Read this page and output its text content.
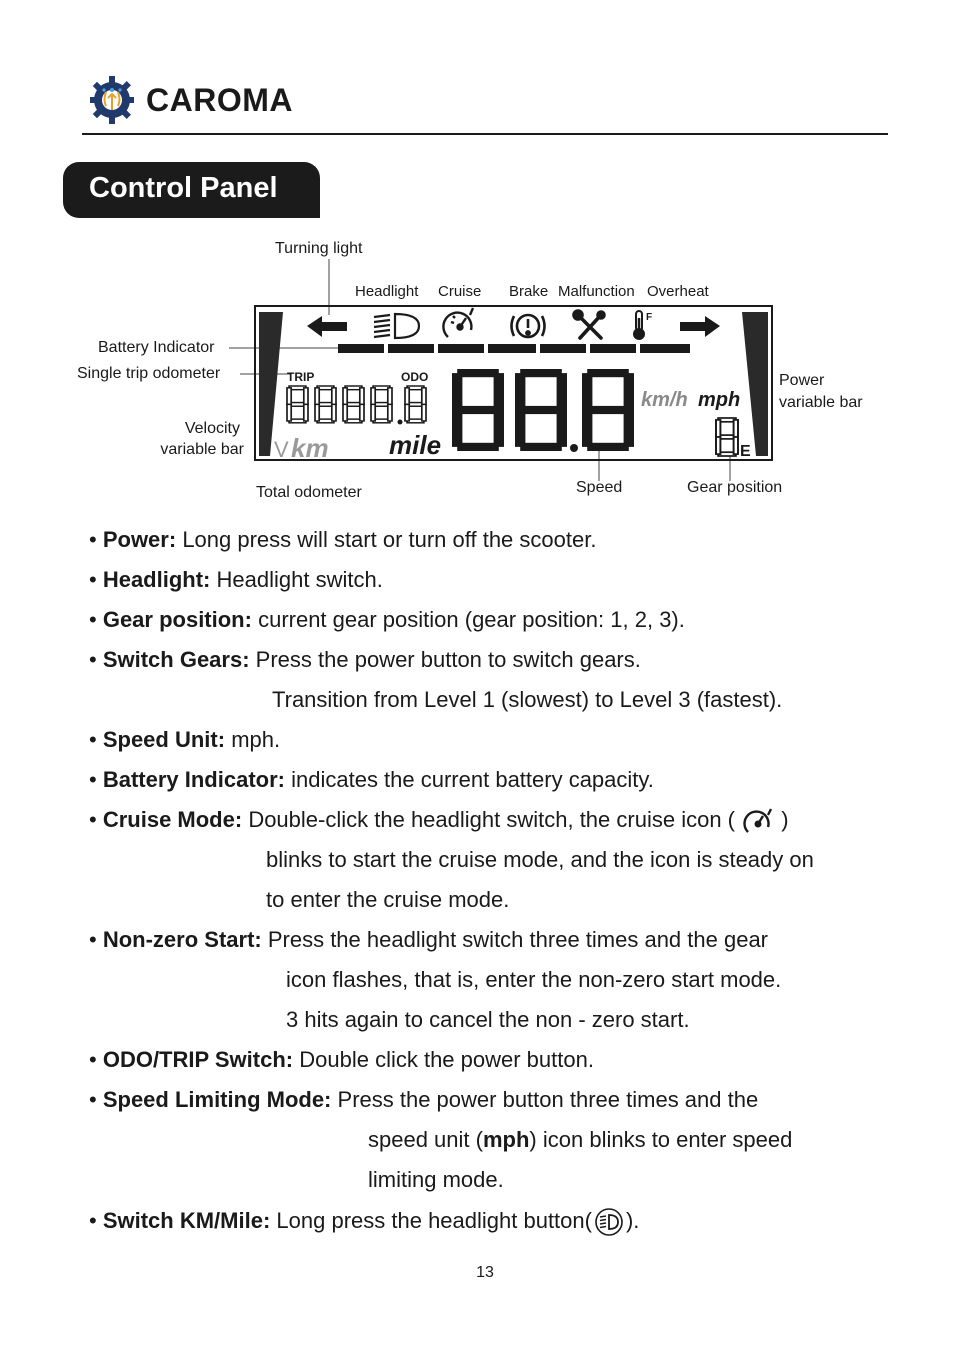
CAROMA
Control Panel
Turning light
Headlight Cruise Brake Malfunction Overheat
Battery Indicator
Single trip odometer
Velocity
variable bar
Power
variable bar
Total odometer	Speed	Gear position
F
TRIP	ODO
km/h mph
E
V km mile
• Power: Long press will start or turn off the scooter.
• Headlight: Headlight switch.
• Gear position: current gear position (gear position: 1, 2, 3).
• Switch Gears: Press the power button to switch gears.
Transition from Level 1 (slowest) to Level 3 (fastest).
• Speed Unit: mph.
• Battery Indicator: indicates the current battery capacity.
• Cruise Mode: Double-click the headlight switch, the cruise icon ( )
blinks to start the cruise mode, and the icon is steady on
to enter the cruise mode.
• Non-zero Start: Press the headlight switch three times and the gear
icon flashes, that is, enter the non-zero start mode.
3 hits again to cancel the non - zero start.
• ODO/TRIP Switch: Double click the power button.
• Speed Limiting Mode: Press the power button three times and the
speed unit (mph) icon blinks to enter speed
limiting mode.
• Switch KM/Mile: Long press the headlight button( ).
13
